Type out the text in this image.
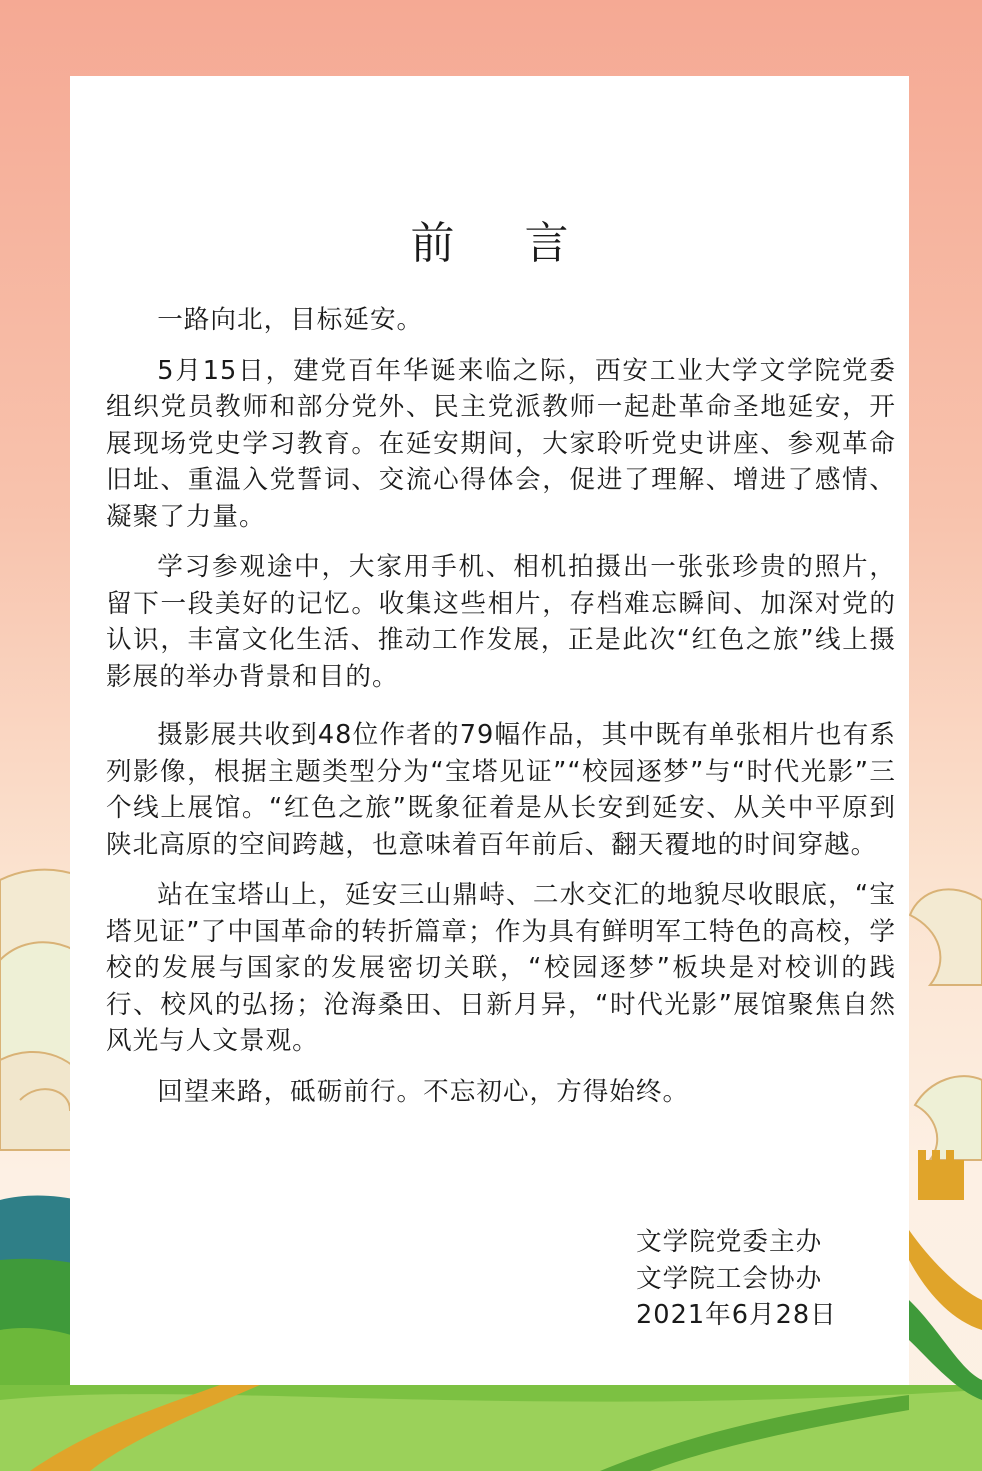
前 言

一路向北，目标延安。

5月15日，建党百年华诞来临之际，西安工业大学文学院党委组织党员教师和部分党外、民主党派教师一起赴革命圣地延安，开展现场党史学习教育。在延安期间，大家聆听党史讲座、参观革命旧址、重温入党誓词、交流心得体会，促进了理解、增进了感情、凝聚了力量。

学习参观途中，大家用手机、相机拍摄出一张张珍贵的照片，留下一段美好的记忆。收集这些相片，存档难忘瞬间、加深对党的认识，丰富文化生活、推动工作发展，正是此次“红色之旅”线上摄影展的举办背景和目的。

摄影展共收到48位作者的79幅作品，其中既有单张相片也有系列影像，根据主题类型分为“宝塔见证”“校园逐梦”与“时代光影”三个线上展馆。“红色之旅”既象征着是从长安到延安、从关中平原到陕北高原的空间跨越，也意味着百年前后、翻天覆地的时间穿越。

站在宝塔山上，延安三山鼎峙、二水交汇的地貌尽收眼底，“宝塔见证”了中国革命的转折篇章；作为具有鲜明军工特色的高校，学校的发展与国家的发展密切关联，“校园逐梦”板块是对校训的践行、校风的弘扬；沧海桑田、日新月异，“时代光影”展馆聚焦自然风光与人文景观。

回望来路，砥砺前行。不忘初心，方得始终。

文学院党委主办
文学院工会协办
2021年6月28日
